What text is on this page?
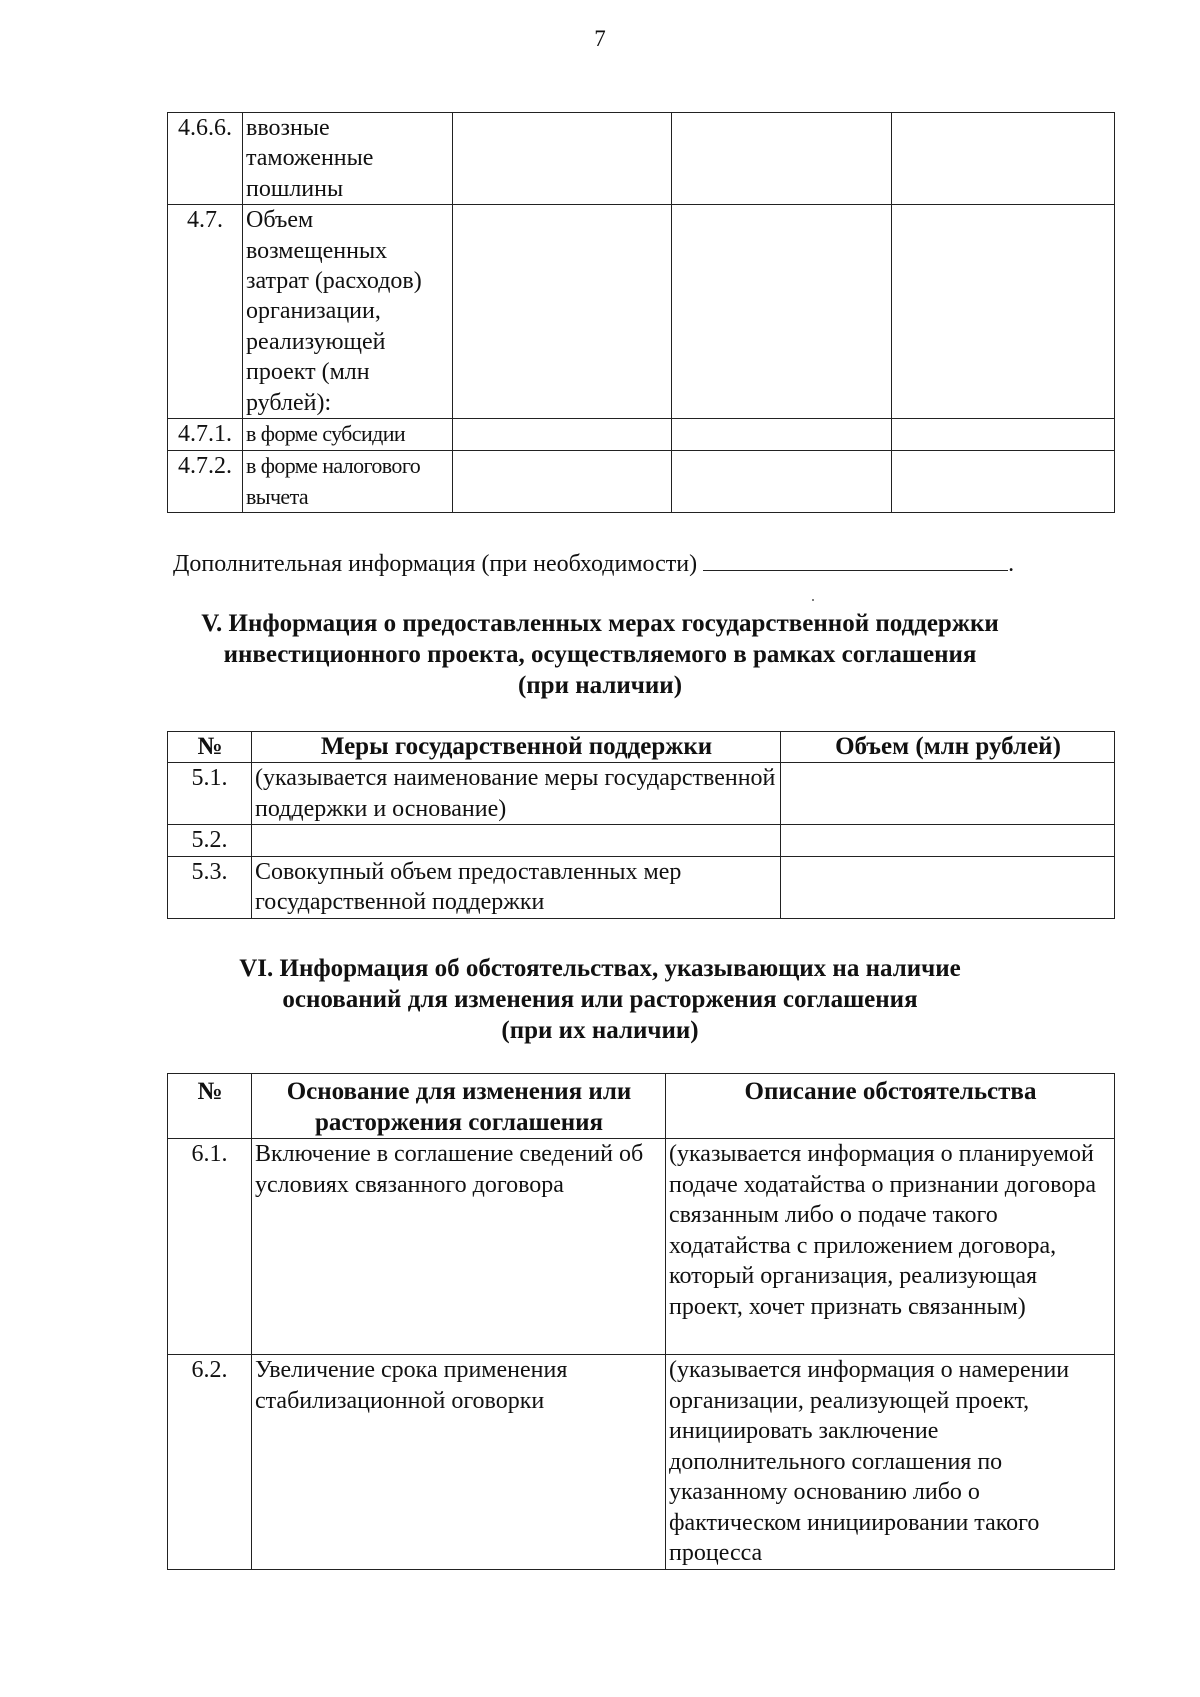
7
4.6.6.	ввозные таможенные пошлины			
4.7.	Объем возмещенных затрат (расходов) организации, реализующей проект (млн рублей):			
4.7.1.	в форме субсидии			
4.7.2.	в форме налогового вычета			
Дополнительная информация (при необходимости)	.
V. Информация о предоставленных мерах государственной поддержки
инвестиционного проекта, осуществляемого в рамках соглашения
(при наличии)
№	Меры государственной поддержки	Объем (млн рублей)
5.1.	(указывается наименование меры государственной поддержки и основание)	
5.2.		
5.3.	Совокупный объем предоставленных мер государственной поддержки	
VI. Информация об обстоятельствах, указывающих на наличие
оснований для изменения или расторжения соглашения
(при их наличии)
№	Основание для изменения или расторжения соглашения	Описание обстоятельства
6.1.	Включение в соглашение сведений об условиях связанного договора	(указывается информация о планируемой подаче ходатайства о признании договора связанным либо о подаче такого ходатайства с приложением договора, который организация, реализующая проект, хочет признать связанным)
6.2.	Увеличение срока применения стабилизационной оговорки	(указывается информация о намерении организации, реализующей проект, инициировать заключение дополнительного соглашения по указанному основанию либо о фактическом инициировании такого процесса
